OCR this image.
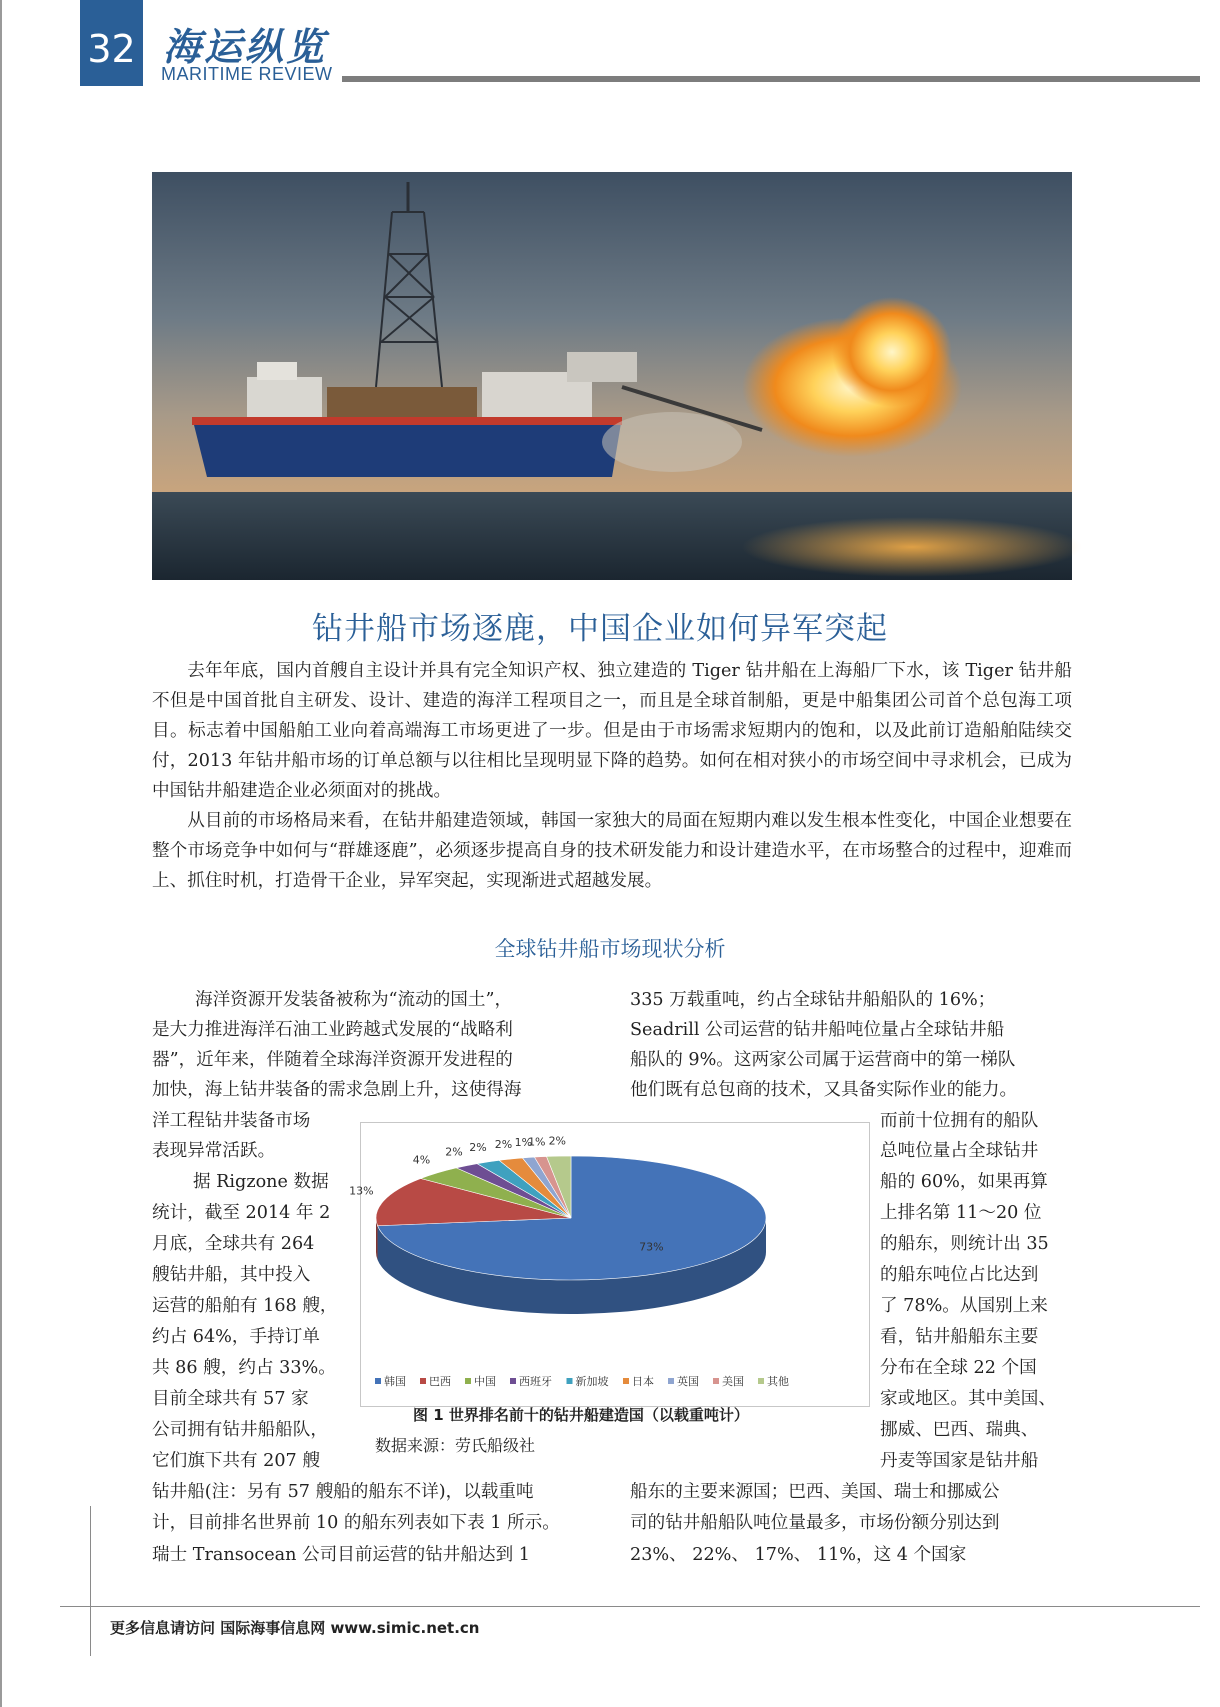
32 海运纵览
MARITIME REVIEW
钻井船市场逐鹿，中国企业如何异军突起

去年年底，国内首艘自主设计并具有完全知识产权、独立建造的 Tiger 钻井船在上海船厂下水，该 Tiger 钻井船不但是中国首批自主研发、设计、建造的海洋工程项目之一，而且是全球首制船，更是中船集团公司首个总包海工项目。标志着中国船舶工业向着高端海工市场更进了一步。但是由于市场需求短期内的饱和，以及此前订造船舶陆续交付，2013 年钻井船市场的订单总额与以往相比呈现明显下降的趋势。如何在相对狭小的市场空间中寻求机会，已成为中国钻井船建造企业必须面对的挑战。

从目前的市场格局来看，在钻井船建造领域，韩国一家独大的局面在短期内难以发生根本性变化，中国企业想要在整个市场竞争中如何与“群雄逐鹿”，必须逐步提高自身的技术研发能力和设计建造水平，在市场整合的过程中，迎难而上、抓住时机，打造骨干企业，异军突起，实现渐进式超越发展。

全球钻井船市场现状分析
海洋资源开发装备被称为“流动的国土”，
是大力推进海洋石油工业跨越式发展的“战略利
器”，近年来，伴随着全球海洋资源开发进程的
加快，海上钻井装备的需求急剧上升，这使得海
洋工程钻井装备市场
表现异常活跃。
据 Rigzone 数据
统计，截至 2014 年 2
月底，全球共有 264
艘钻井船，其中投入
运营的船舶有 168 艘，
约占 64%，手持订单
共 86 艘，约占 33%。
目前全球共有 57 家
公司拥有钻井船船队，
它们旗下共有 207 艘
钻井船(注：另有 57 艘船的船东不详)，以载重吨
计，目前排名世界前 10 的船东列表如下表 1 所示。
瑞士 Transocean 公司目前运营的钻井船达到 1
335 万载重吨，约占全球钻井船船队的 16%；
Seadrill 公司运营的钻井船吨位量占全球钻井船
船队的 9%。这两家公司属于运营商中的第一梯队
他们既有总包商的技术，又具备实际作业的能力。
而前十位拥有的船队
总吨位量占全球钻井
船的 60%，如果再算
上排名第 11～20 位
的船东，则统计出 35
的船东吨位占比达到
了 78%。从国别上来
看，钻井船船东主要
分布在全球 22 个国
家或地区。其中美国、
挪威、巴西、瑞典、
丹麦等国家是钻井船
船东的主要来源国；巴西、美国、瑞士和挪威公
司的钻井船船队吨位量最多，市场份额分别达到
23%、 22%、 17%、 11%，这 4 个国家
73%
13%
4%
2% 2% 2% 1%
1% 2%
韩国 巴西 中国 西班牙 新加坡 日本 英国 美国 其他
图 1 世界排名前十的钻井船建造国（以载重吨计）
数据来源：劳氏船级社
更多信息请访问 国际海事信息网 www.simic.net.cn
